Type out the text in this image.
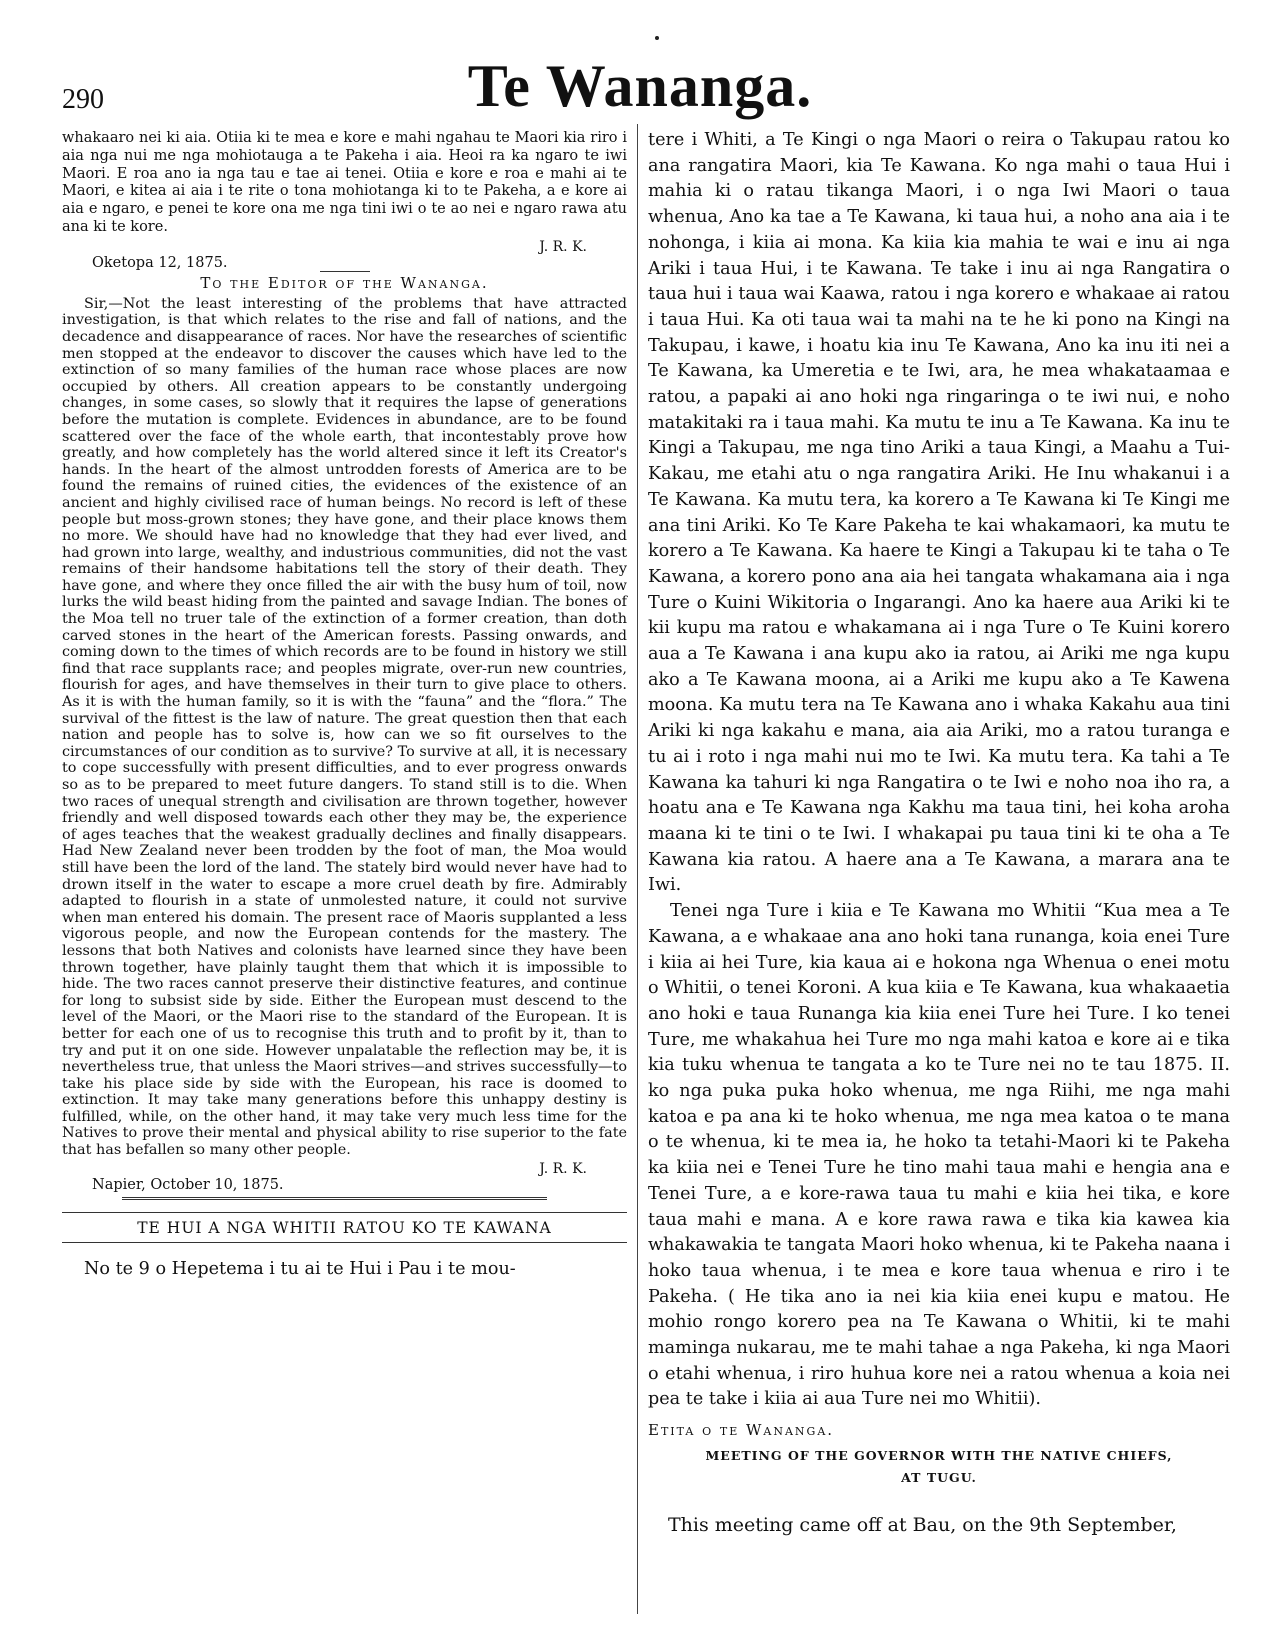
290	Te Wananga.

whakaaro nei ki aia. Otiia ki te mea e kore e mahi ngahau te Maori kia riro i aia nga nui me nga mohiotauga a te Pakeha i aia. Heoi ra ka ngaro te iwi Maori. E roa ano ia nga tau e tae ai tenei. Otiia e kore e roa e mahi ai te Maori, e kitea ai aia i te rite o tona mohiotanga ki to te Pakeha, a e kore ai aia e ngaro, e penei te kore ona me nga tini iwi o te ao nei e ngaro rawa atu ana ki te kore.

J. R. K.
Oketopa 12, 1875.
To the Editor of the Wananga.

Sir,—Not the least interesting of the problems that have attracted investigation, is that which relates to the rise and fall of nations, and the decadence and disappearance of races. Nor have the researches of scientific men stopped at the endeavor to discover the causes which have led to the extinction of so many families of the human race whose places are now occupied by others. All creation appears to be constantly undergoing changes, in some cases, so slowly that it requires the lapse of generations before the mutation is complete. Evidences in abundance, are to be found scattered over the face of the whole earth, that incontestably prove how greatly, and how completely has the world altered since it left its Creator's hands. In the heart of the almost untrodden forests of America are to be found the remains of ruined cities, the evidences of the existence of an ancient and highly civilised race of human beings. No record is left of these people but moss-grown stones; they have gone, and their place knows them no more. We should have had no knowledge that they had ever lived, and had grown into large, wealthy, and industrious communities, did not the vast remains of their handsome habitations tell the story of their death. They have gone, and where they once filled the air with the busy hum of toil, now lurks the wild beast hiding from the painted and savage Indian. The bones of the Moa tell no truer tale of the extinction of a former creation, than doth carved stones in the heart of the American forests. Passing onwards, and coming down to the times of which records are to be found in history we still find that race supplants race; and peoples migrate, over-run new countries, flourish for ages, and have themselves in their turn to give place to others. As it is with the human family, so it is with the “fauna” and the “flora.” The survival of the fittest is the law of nature. The great question then that each nation and people has to solve is, how can we so fit ourselves to the circumstances of our condition as to survive? To survive at all, it is necessary to cope successfully with present difficulties, and to ever progress onwards so as to be prepared to meet future dangers. To stand still is to die. When two races of unequal strength and civilisation are thrown together, however friendly and well disposed towards each other they may be, the experience of ages teaches that the weakest gradually declines and finally disappears. Had New Zealand never been trodden by the foot of man, the Moa would still have been the lord of the land. The stately bird would never have had to drown itself in the water to escape a more cruel death by fire. Admirably adapted to flourish in a state of unmolested nature, it could not survive when man entered his domain. The present race of Maoris supplanted a less vigorous people, and now the European contends for the mastery. The lessons that both Natives and colonists have learned since they have been thrown together, have plainly taught them that which it is impossible to hide. The two races cannot preserve their distinctive features, and continue for long to subsist side by side. Either the European must descend to the level of the Maori, or the Maori rise to the standard of the European. It is better for each one of us to recognise this truth and to profit by it, than to try and put it on one side. However unpalatable the reflection may be, it is nevertheless true, that unless the Maori strives—and strives successfully—to take his place side by side with the European, his race is doomed to extinction. It may take many generations before this unhappy destiny is fulfilled, while, on the other hand, it may take very much less time for the Natives to prove their mental and physical ability to rise superior to the fate that has befallen so many other people.

J. R. K.
Napier, October 10, 1875.
TE HUI A NGA WHITII RATOU KO TE KAWANA

No te 9 o Hepetema i tu ai te Hui i Pau i te mou-

tere i Whiti, a Te Kingi o nga Maori o reira o Takupau ratou ko ana rangatira Maori, kia Te Kawana. Ko nga mahi o taua Hui i mahia ki o ratau tikanga Maori, i o nga Iwi Maori o taua whenua, Ano ka tae a Te Kawana, ki taua hui, a noho ana aia i te nohonga, i kiia ai mona. Ka kiia kia mahia te wai e inu ai nga Ariki i taua Hui, i te Kawana. Te take i inu ai nga Rangatira o taua hui i taua wai Kaawa, ratou i nga korero e whakaae ai ratou i taua Hui. Ka oti taua wai ta mahi na te he ki pono na Kingi na Takupau, i kawe, i hoatu kia inu Te Kawana, Ano ka inu iti nei a Te Kawana, ka Umeretia e te Iwi, ara, he mea whakataamaa e ratou, a papaki ai ano hoki nga ringaringa o te iwi nui, e noho matakitaki ra i taua mahi. Ka mutu te inu a Te Kawana. Ka inu te Kingi a Takupau, me nga tino Ariki a taua Kingi, a Maahu a Tui-Kakau, me etahi atu o nga rangatira Ariki. He Inu whakanui i a Te Kawana. Ka mutu tera, ka korero a Te Kawana ki Te Kingi me ana tini Ariki. Ko Te Kare Pakeha te kai whakamaori, ka mutu te korero a Te Kawana. Ka haere te Kingi a Takupau ki te taha o Te Kawana, a korero pono ana aia hei tangata whakamana aia i nga Ture o Kuini Wikitoria o Ingarangi. Ano ka haere aua Ariki ki te kii kupu ma ratou e whakamana ai i nga Ture o Te Kuini korero aua a Te Kawana i ana kupu ako ia ratou, ai Ariki me nga kupu ako a Te Kawana moona, ai a Ariki me kupu ako a Te Kawena moona. Ka mutu tera na Te Kawana ano i whaka Kakahu aua tini Ariki ki nga kakahu e mana, aia aia Ariki, mo a ratou turanga e tu ai i roto i nga mahi nui mo te Iwi. Ka mutu tera. Ka tahi a Te Kawana ka tahuri ki nga Rangatira o te Iwi e noho noa iho ra, a hoatu ana e Te Kawana nga Kakhu ma taua tini, hei koha aroha maana ki te tini o te Iwi. I whakapai pu taua tini ki te oha a Te Kawana kia ratou. A haere ana a Te Kawana, a marara ana te Iwi.

Tenei nga Ture i kiia e Te Kawana mo Whitii “Kua mea a Te Kawana, a e whakaae ana ano hoki tana runanga, koia enei Ture i kiia ai hei Ture, kia kaua ai e hokona nga Whenua o enei motu o Whitii, o tenei Koroni. A kua kiia e Te Kawana, kua whakaaetia ano hoki e taua Runanga kia kiia enei Ture hei Ture. I ko tenei Ture, me whakahua hei Ture mo nga mahi katoa e kore ai e tika kia tuku whenua te tangata a ko te Ture nei no te tau 1875. II. ko nga puka puka hoko whenua, me nga Riihi, me nga mahi katoa e pa ana ki te hoko whenua, me nga mea katoa o te mana o te whenua, ki te mea ia, he hoko ta tetahi-Maori ki te Pakeha ka kiia nei e Tenei Ture he tino mahi taua mahi e hengia ana e Tenei Ture, a e kore-rawa taua tu mahi e kiia hei tika, e kore taua mahi e mana. A e kore rawa rawa e tika kia kawea kia whakawakia te tangata Maori hoko whenua, ki te Pakeha naana i hoko taua whenua, i te mea e kore taua whenua e riro i te Pakeha. ( He tika ano ia nei kia kiia enei kupu e matou. He mohio rongo korero pea na Te Kawana o Whitii, ki te mahi maminga nukarau, me te mahi tahae a nga Pakeha, ki nga Maori o etahi whenua, i riro huhua kore nei a ratou whenua a koia nei pea te take i kiia ai aua Ture nei mo Whitii).

Etita o te Wananga.
MEETING OF THE GOVERNOR WITH THE NATIVE CHIEFS,
AT TUGU.

This meeting came off at Bau, on the 9th September,
